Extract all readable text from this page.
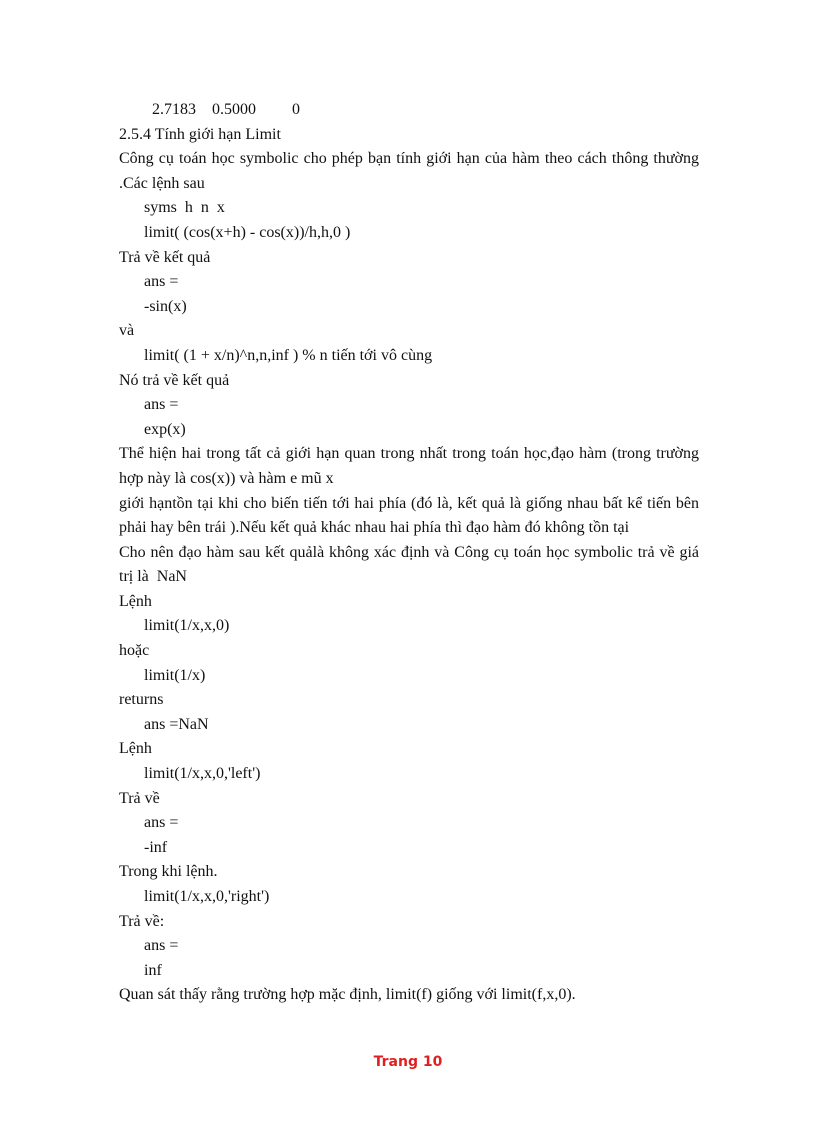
2.7183    0.5000         0
2.5.4 Tính giới hạn Limit
Công cụ toán học symbolic cho phép bạn tính giới hạn của hàm theo cách thông thường
.Các lệnh sau
syms  h  n  x
limit( (cos(x+h) - cos(x))/h,h,0 )
Trả về kết quả
ans =
-sin(x)
và
limit( (1 + x/n)^n,n,inf ) % n tiến tới vô cùng
Nó trả về kết quả
ans =
exp(x)
Thể hiện hai trong tất cả giới hạn quan trong nhất trong toán học,đạo hàm (trong trường
hợp này là cos(x)) và hàm e mũ x
giới hạntồn tại khi cho biến tiến tới hai phía (đó là, kết quả là giống nhau bất kể tiến bên
phải hay bên trái ).Nếu kết quả khác nhau hai phía thì đạo hàm đó không tồn tại
Cho nên đạo hàm sau kết quảlà không xác định và Công cụ toán học symbolic trả về giá
trị là  NaN
Lệnh
limit(1/x,x,0)
hoặc
limit(1/x)
returns
ans =NaN
Lệnh
limit(1/x,x,0,'left')
Trả về
ans =
-inf
Trong khi lệnh.
limit(1/x,x,0,'right')
Trả về:
ans =
inf
Quan sát thấy rằng trường hợp mặc định, limit(f) giống với limit(f,x,0).
Trang 10
